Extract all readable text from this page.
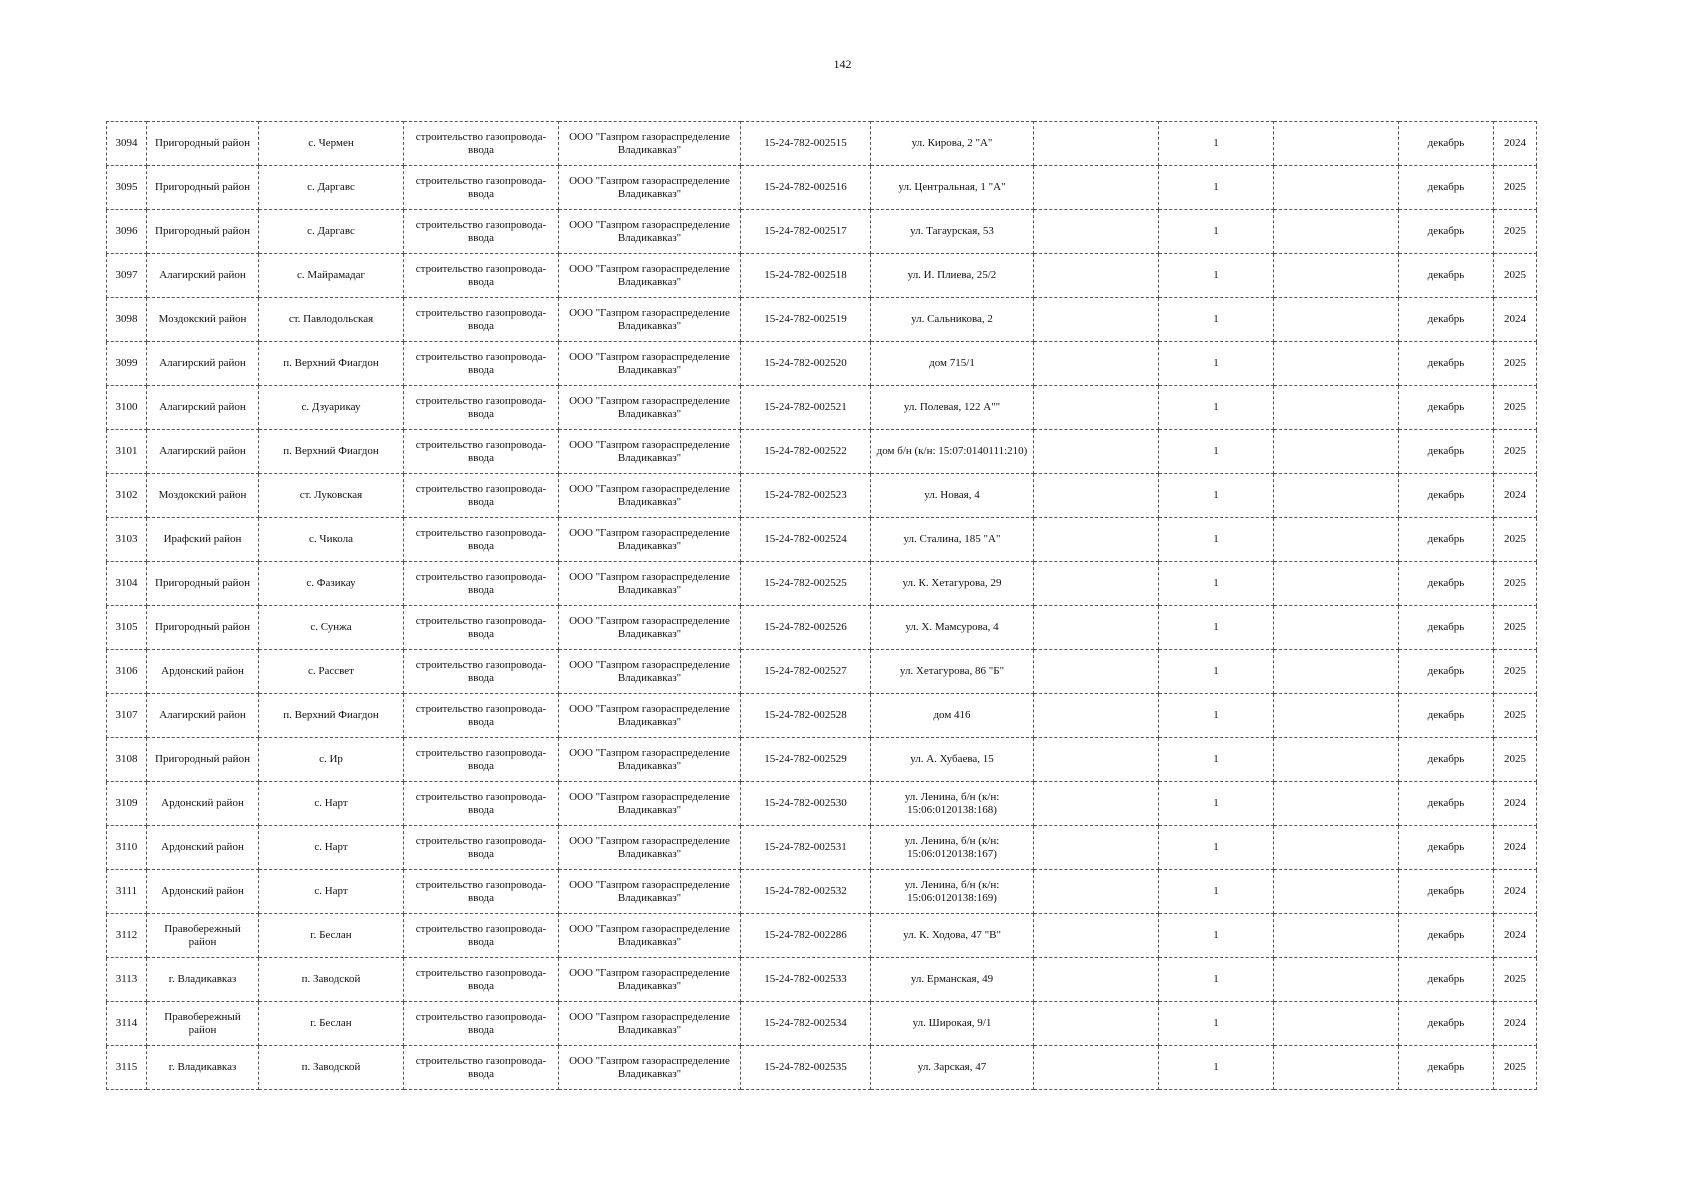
142
3094	Пригородный район	с. Чермен	строительство газопровода-ввода	ООО "Газпром газораспределение Владикавказ"	15-24-782-002515	ул. Кирова, 2 "А"		1		декабрь	2024
3095	Пригородный район	с. Даргавс	строительство газопровода-ввода	ООО "Газпром газораспределение Владикавказ"	15-24-782-002516	ул. Центральная, 1 "А"		1		декабрь	2025
3096	Пригородный район	с. Даргавс	строительство газопровода-ввода	ООО "Газпром газораспределение Владикавказ"	15-24-782-002517	ул. Тагаурская, 53		1		декабрь	2025
3097	Алагирский район	с. Майрамадаг	строительство газопровода-ввода	ООО "Газпром газораспределение Владикавказ"	15-24-782-002518	ул. И. Плиева, 25/2		1		декабрь	2025
3098	Моздокский район	ст. Павлодольская	строительство газопровода-ввода	ООО "Газпром газораспределение Владикавказ"	15-24-782-002519	ул. Сальникова, 2		1		декабрь	2024
3099	Алагирский район	п. Верхний Фиагдон	строительство газопровода-ввода	ООО "Газпром газораспределение Владикавказ"	15-24-782-002520	дом 715/1		1		декабрь	2025
3100	Алагирский район	с. Дзуарикау	строительство газопровода-ввода	ООО "Газпром газораспределение Владикавказ"	15-24-782-002521	ул. Полевая, 122 А""		1		декабрь	2025
3101	Алагирский район	п. Верхний Фиагдон	строительство газопровода-ввода	ООО "Газпром газораспределение Владикавказ"	15-24-782-002522	дом б/н (к/н: 15:07:0140111:210)		1		декабрь	2025
3102	Моздокский район	ст. Луковская	строительство газопровода-ввода	ООО "Газпром газораспределение Владикавказ"	15-24-782-002523	ул. Новая, 4		1		декабрь	2024
3103	Ирафский район	с. Чикола	строительство газопровода-ввода	ООО "Газпром газораспределение Владикавказ"	15-24-782-002524	ул. Сталина, 185 "А"		1		декабрь	2025
3104	Пригородный район	с. Фазикау	строительство газопровода-ввода	ООО "Газпром газораспределение Владикавказ"	15-24-782-002525	ул. К. Хетагурова, 29		1		декабрь	2025
3105	Пригородный район	с. Сунжа	строительство газопровода-ввода	ООО "Газпром газораспределение Владикавказ"	15-24-782-002526	ул. Х. Мамсурова, 4		1		декабрь	2025
3106	Ардонский район	с. Рассвет	строительство газопровода-ввода	ООО "Газпром газораспределение Владикавказ"	15-24-782-002527	ул. Хетагурова, 86 "Б"		1		декабрь	2025
3107	Алагирский район	п. Верхний Фиагдон	строительство газопровода-ввода	ООО "Газпром газораспределение Владикавказ"	15-24-782-002528	дом 416		1		декабрь	2025
3108	Пригородный район	с. Ир	строительство газопровода-ввода	ООО "Газпром газораспределение Владикавказ"	15-24-782-002529	ул. А. Хубаева, 15		1		декабрь	2025
3109	Ардонский район	с. Нарт	строительство газопровода-ввода	ООО "Газпром газораспределение Владикавказ"	15-24-782-002530	ул. Ленина, б/н (к/н: 15:06:0120138:168)		1		декабрь	2024
3110	Ардонский район	с. Нарт	строительство газопровода-ввода	ООО "Газпром газораспределение Владикавказ"	15-24-782-002531	ул. Ленина, б/н (к/н: 15:06:0120138:167)		1		декабрь	2024
3111	Ардонский район	с. Нарт	строительство газопровода-ввода	ООО "Газпром газораспределение Владикавказ"	15-24-782-002532	ул. Ленина, б/н (к/н: 15:06:0120138:169)		1		декабрь	2024
3112	Правобережный район	г. Беслан	строительство газопровода-ввода	ООО "Газпром газораспределение Владикавказ"	15-24-782-002286	ул. К. Ходова, 47 "В"		1		декабрь	2024
3113	г. Владикавказ	п. Заводской	строительство газопровода-ввода	ООО "Газпром газораспределение Владикавказ"	15-24-782-002533	ул. Ерманская, 49		1		декабрь	2025
3114	Правобережный район	г. Беслан	строительство газопровода-ввода	ООО "Газпром газораспределение Владикавказ"	15-24-782-002534	ул. Широкая, 9/1		1		декабрь	2024
3115	г. Владикавказ	п. Заводской	строительство газопровода-ввода	ООО "Газпром газораспределение Владикавказ"	15-24-782-002535	ул. Зарская, 47		1		декабрь	2025
